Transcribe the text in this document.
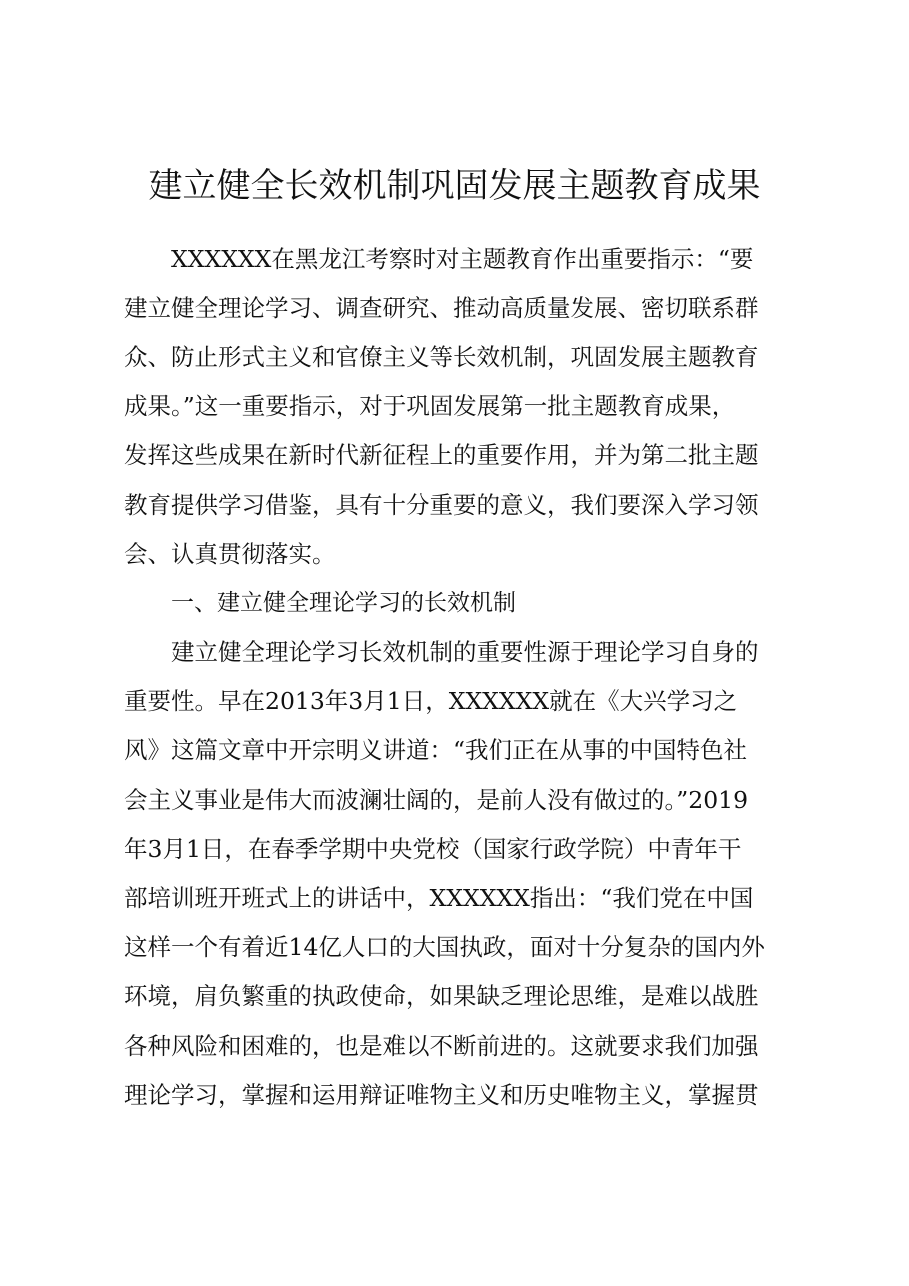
建立健全长效机制巩固发展主题教育成果
XXXXXX在黑龙江考察时对主题教育作出重要指示：“要
建立健全理论学习、调查研究、推动高质量发展、密切联系群
众、防止形式主义和官僚主义等长效机制，巩固发展主题教育
成果。”这一重要指示，对于巩固发展第一批主题教育成果，
发挥这些成果在新时代新征程上的重要作用，并为第二批主题
教育提供学习借鉴，具有十分重要的意义，我们要深入学习领
会、认真贯彻落实。
一、建立健全理论学习的长效机制
建立健全理论学习长效机制的重要性源于理论学习自身的
重要性。早在2013年3月1日，XXXXXX就在《大兴学习之
风》这篇文章中开宗明义讲道：“我们正在从事的中国特色社
会主义事业是伟大而波澜壮阔的，是前人没有做过的。”2019
年3月1日，在春季学期中央党校（国家行政学院）中青年干
部培训班开班式上的讲话中，XXXXXX指出：“我们党在中国
这样一个有着近14亿人口的大国执政，面对十分复杂的国内外
环境，肩负繁重的执政使命，如果缺乏理论思维，是难以战胜
各种风险和困难的，也是难以不断前进的。这就要求我们加强
理论学习，掌握和运用辩证唯物主义和历史唯物主义，掌握贯
